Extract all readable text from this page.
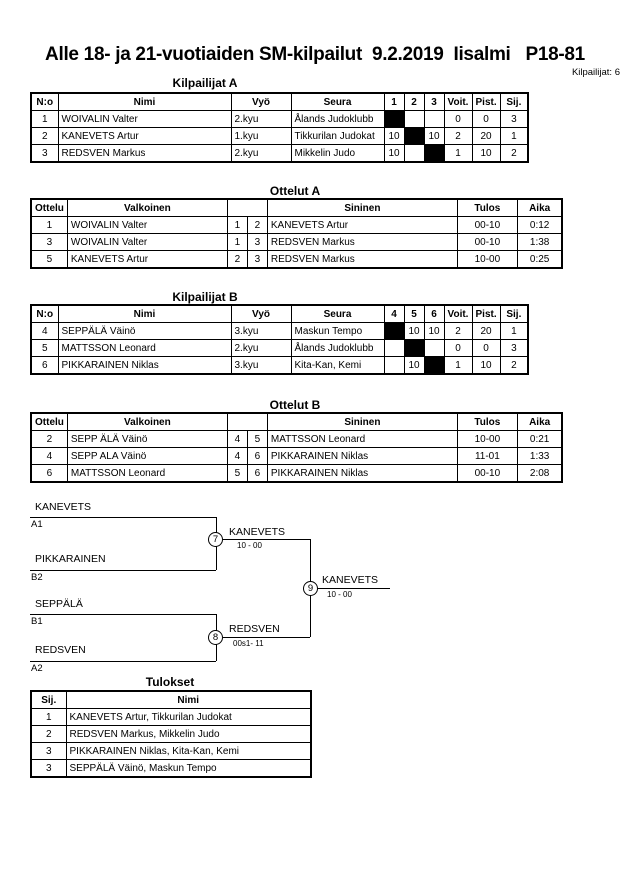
Alle 18- ja 21-vuotiaiden SM-kilpailut  9.2.2019  Iisalmi   P18-81
Kilpailijat: 6
Kilpailijat A
N:o	Nimi	Vyö	Seura	1	2	3	Voit.	Pist.	Sij.
1	WOIVALIN Valter	2.kyu	Ålands Judoklubb				0	0	3
2	KANEVETS Artur	1.kyu	Tikkurilan Judokat	10		10	2	20	1
3	REDSVEN Markus	2.kyu	Mikkelin Judo	10			1	10	2
Ottelut A
Ottelu	Valkoinen			Sininen	Tulos	Aika
1	WOIVALIN Valter	1	2	KANEVETS Artur	00-10	0:12
3	WOIVALIN Valter	1	3	REDSVEN Markus	00-10	1:38
5	KANEVETS Artur	2	3	REDSVEN Markus	10-00	0:25
Kilpailijat B
N:o	Nimi	Vyö	Seura	4	5	6	Voit.	Pist.	Sij.
4	SEPPÄLÄ Väinö	3.kyu	Maskun Tempo		10	10	2	20	1
5	MATTSSON Leonard	2.kyu	Ålands Judoklubb				0	0	3
6	PIKKARAINEN Niklas	3.kyu	Kita-Kan, Kemi		10		1	10	2
Ottelut B
Ottelu	Valkoinen			Sininen	Tulos	Aika
2	SEPP ÄLÄ Väinö	4	5	MATTSSON Leonard	10-00	0:21
4	SEPP ALA Väinö	4	6	PIKKARAINEN Niklas	11-01	1:33
6	MATTSSON Leonard	5	6	PIKKARAINEN Niklas	00-10	2:08
KANEVETS
A1
PIKKARAINEN
B2
7
KANEVETS
10 - 00
SEPPÄLÄ
B1
REDSVEN
A2
8
REDSVEN
00s1- 11
9
KANEVETS
10 - 00
Tulokset
Sij.	Nimi
1	KANEVETS Artur, Tikkurilan Judokat
2	REDSVEN Markus, Mikkelin Judo
3	PIKKARAINEN Niklas, Kita-Kan, Kemi
3	SEPPÄLÄ Väinö, Maskun Tempo
